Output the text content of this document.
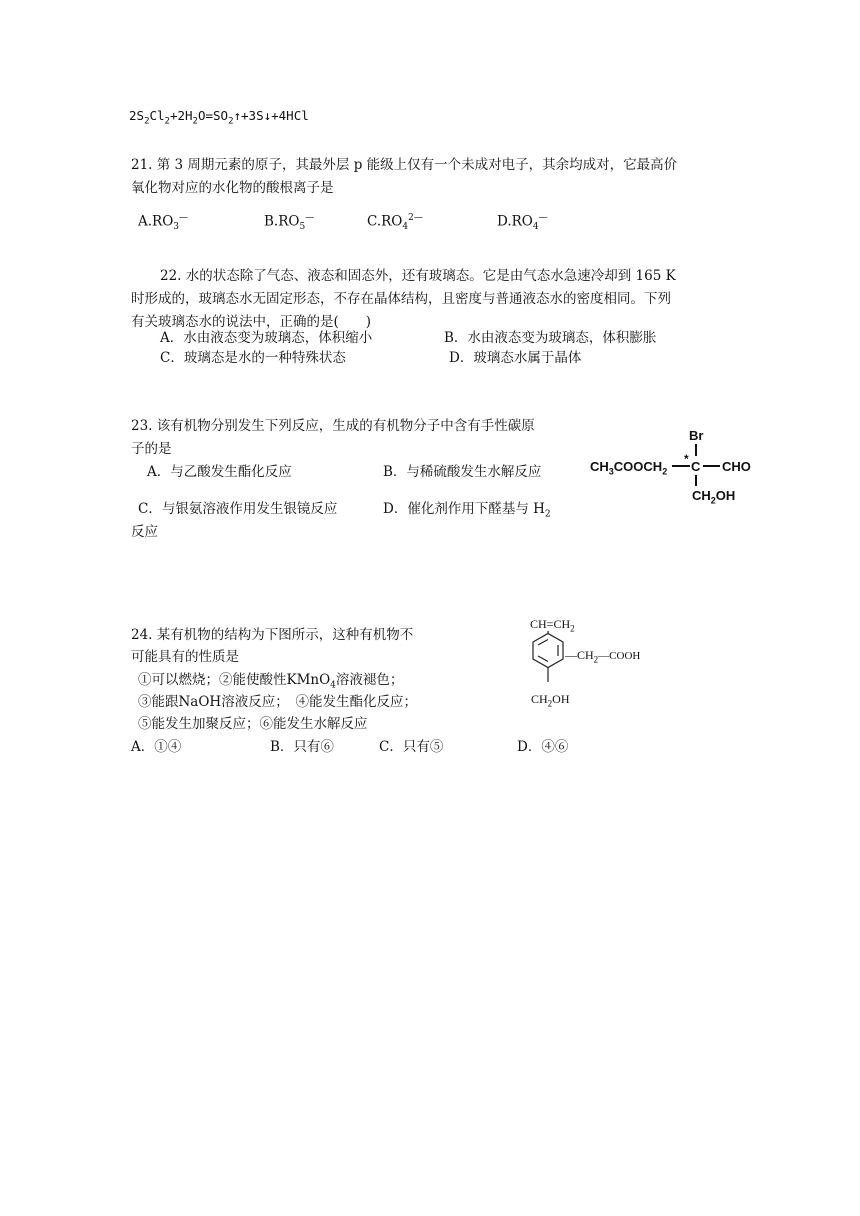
$2S_2Cl_2+2H_2O=SO_2↑+3S↓+4HCl$
21. 第 3 周期元素的原子，其最外层 p 能级上仅有一个未成对电子，其余均成对，它最高价
氧化物对应的水化物的酸根离子是
$A.RO_3^—$	$B.RO_5^—$	$C.RO_4^{2—}$	$D.RO_4^—$
22. 水的状态除了气态、液态和固态外，还有玻璃态。它是由气态水急速冷却到 165 K
时形成的，玻璃态水无固定形态，不存在晶体结构，且密度与普通液态水的密度相同。下列
有关玻璃态水的说法中，正确的是(　　)
A．水由液态变为玻璃态，体积缩小	B．水由液态变为玻璃态，体积膨胀
C．玻璃态是水的一种特殊状态	D．玻璃态水属于晶体
23. 该有机物分别发生下列反应，生成的有机物分子中含有手性碳原
子的是
A．与乙酸发生酯化反应	B．与稀硫酸发生水解反应
C．与银氨溶液作用发生银镜反应	D．催化剂作用下醛基与 $H_2$
反应
Br
*
$CH_3COOCH_2$ C CHO
$CH_2OH$
24. 某有机物的结构为下图所示，这种有机物不
可能具有的性质是
①可以燃烧；②能使酸性KMnO$_4$溶液褪色；
③能跟NaOH溶液反应；　④能发生酯化反应；
⑤能发生加聚反应；⑥能发生水解反应
A．①④	B．只有⑥	C．只有⑤	D．④⑥
$CH=CH_2$
$—CH_2—COOH$
$CH_2OH$
